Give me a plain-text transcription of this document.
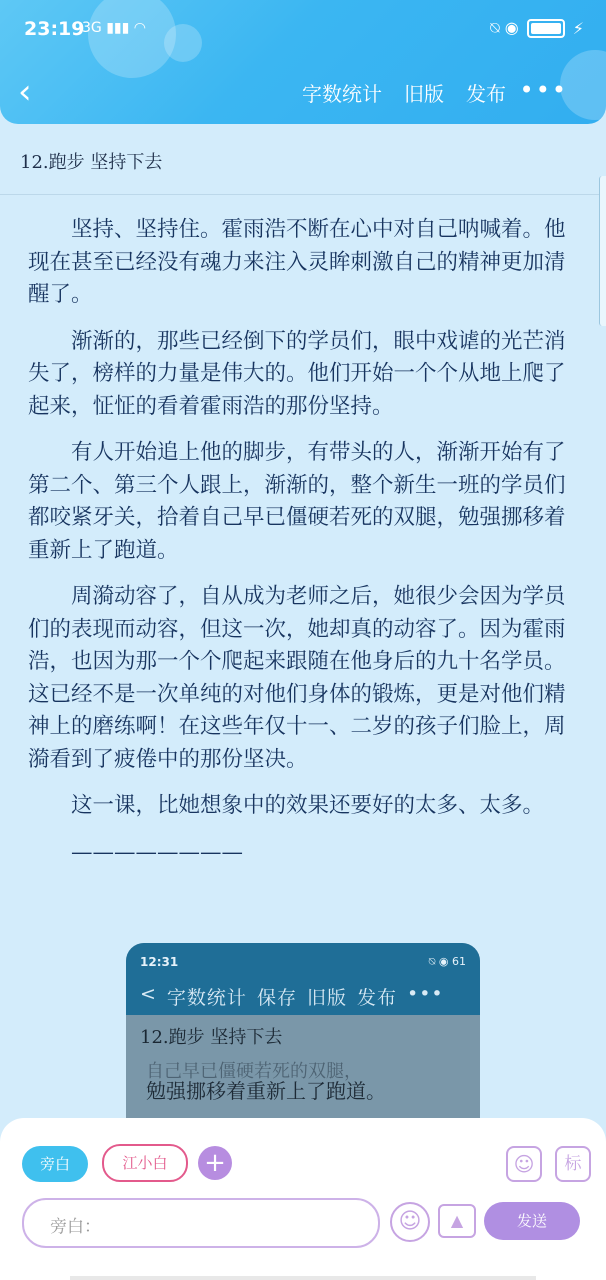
23:19
3G ▮▮▮ ◠	⍉ ◉	⚡
‹	字数统计 旧版 发布 •••
12.跑步 坚持下去

坚持、坚持住。霍雨浩不断在心中对自己呐喊着。他现在甚至已经没有魂力来注入灵眸刺激自己的精神更加清醒了。

渐渐的，那些已经倒下的学员们，眼中戏谑的光芒消失了，榜样的力量是伟大的。他们开始一个个从地上爬了起来，怔怔的看着霍雨浩的那份坚持。

有人开始追上他的脚步，有带头的人，渐渐开始有了第二个、第三个人跟上，渐渐的，整个新生一班的学员们都咬紧牙关，拾着自己早已僵硬若死的双腿，勉强挪移着重新上了跑道。

周漪动容了，自从成为老师之后，她很少会因为学员们的表现而动容，但这一次，她却真的动容了。因为霍雨浩，也因为那一个个爬起来跟随在他身后的九十名学员。这已经不是一次单纯的对他们身体的锻炼，更是对他们精神上的磨练啊！在这些年仅十一、二岁的孩子们脸上，周漪看到了疲倦中的那份坚决。

这一课，比她想象中的效果还要好的太多、太多。

————————
12:31	⍉ ◉ 61
< 字数统计 保存 旧版 发布 •••
12.跑步 坚持下去
自己早已僵硬若死的双腿，
勉强挪移着重新上了跑道。
旁白	江小白	+	☺	标
旁白：	☺	▲	发送
